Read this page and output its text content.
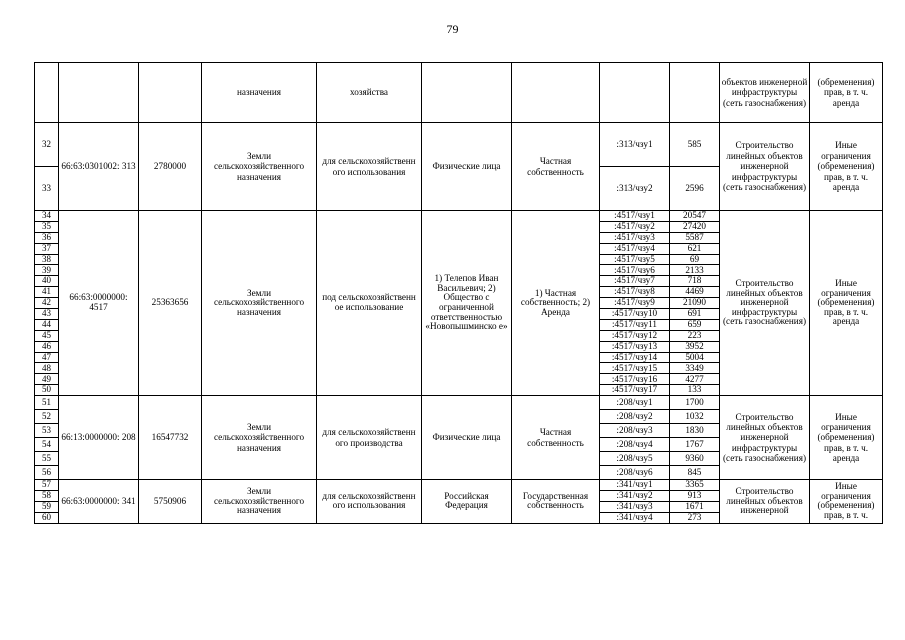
79
			назначения	хозяйства					объектов инженерной инфраструктуры (сеть газоснабжения)	(обременения) прав, в т. ч. аренда
32	66:63:0301002: 313	2780000	Земли сельскохозяйственного назначения	для сельскохозяйственн ого использования	Физические лица	Частная собственность	:313/чзу1	585	Строительство линейных объектов инженерной инфраструктуры (сеть газоснабжения)	Иные ограничения (обременения) прав, в т. ч. аренда
33							:313/чзу2	2596		
34	66:63:0000000: 4517	25363656	Земли сельскохозяйственного назначения	под сельскохозяйственн ое использование	1) Телепов Иван Васильевич; 2) Общество с ограниченной ответственностью «Новопышминско е»	1) Частная собственность; 2) Аренда	:4517/чзу1	20547	Строительство линейных объектов инженерной инфраструктуры (сеть газоснабжения)	Иные ограничения (обременения) прав, в т. ч. аренда
35							:4517/чзу2	27420		
36							:4517/чзу3	5587		
37							:4517/чзу4	621		
38							:4517/чзу5	69		
39							:4517/чзу6	2133		
40							:4517/чзу7	718		
41							:4517/чзу8	4469		
42							:4517/чзу9	21090		
43							:4517/чзу10	691		
44							:4517/чзу11	659		
45							:4517/чзу12	223		
46							:4517/чзу13	3952		
47							:4517/чзу14	5004		
48							:4517/чзу15	3349		
49							:4517/чзу16	4277		
50							:4517/чзу17	133		
51	66:13:0000000: 208	16547732	Земли сельскохозяйственного назначения	для сельскохозяйственн ого производства	Физические лица	Частная собственность	:208/чзу1	1700	Строительство линейных объектов инженерной инфраструктуры (сеть газоснабжения)	Иные ограничения (обременения) прав, в т. ч. аренда
52							:208/чзу2	1032		
53							:208/чзу3	1830		
54							:208/чзу4	1767		
55							:208/чзу5	9360		
56							:208/чзу6	845		
57	66:63:0000000: 341	5750906	Земли сельскохозяйственного назначения	для сельскохозяйственн ого использования	Российская Федерация	Государственная собственность	:341/чзу1	3365	Строительство линейных объектов инженерной	Иные ограничения (обременения) прав, в т. ч.
58							:341/чзу2	913		
59							:341/чзу3	1671		
60							:341/чзу4	273		
